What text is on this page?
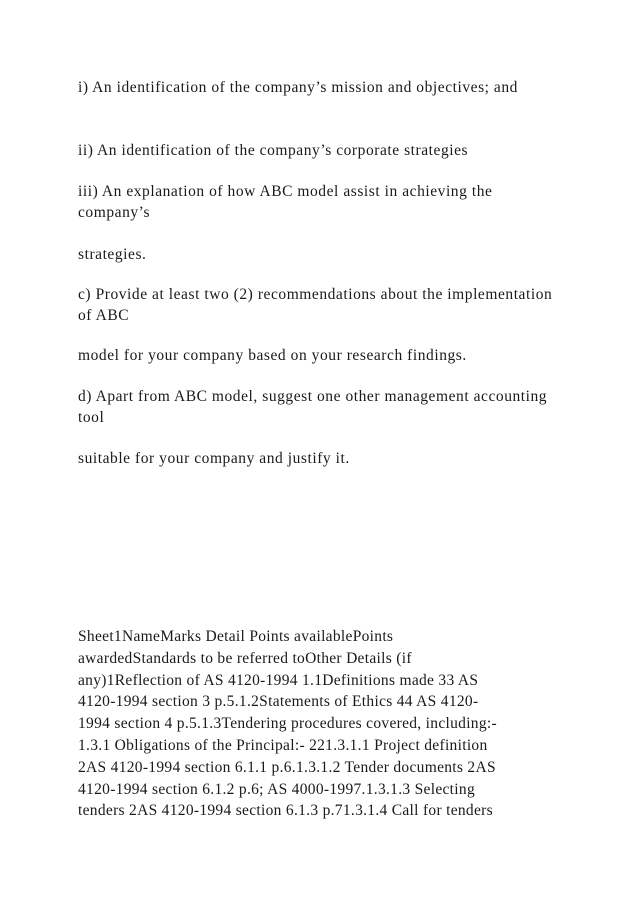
i) An identification of the company’s mission and objectives; and

ii) An identification of the company’s corporate strategies

iii) An explanation of how ABC model assist in achieving the company’s

strategies.

c) Provide at least two (2) recommendations about the implementation of ABC

model for your company based on your research findings.

d) Apart from ABC model, suggest one other management accounting tool

suitable for your company and justify it.

Sheet1NameMarks Detail Points availablePoints
awardedStandards to be referred toOther Details (if
any)1Reflection of AS 4120-1994 1.1Definitions made 33 AS
4120-1994 section 3 p.5.1.2Statements of Ethics 44 AS 4120-
1994 section 4 p.5.1.3Tendering procedures covered, including:-
1.3.1 Obligations of the Principal:- 221.3.1.1 Project definition
2AS 4120-1994 section 6.1.1 p.6.1.3.1.2 Tender documents 2AS
4120-1994 section 6.1.2 p.6; AS 4000-1997.1.3.1.3 Selecting
tenders 2AS 4120-1994 section 6.1.3 p.71.3.1.4 Call for tenders
